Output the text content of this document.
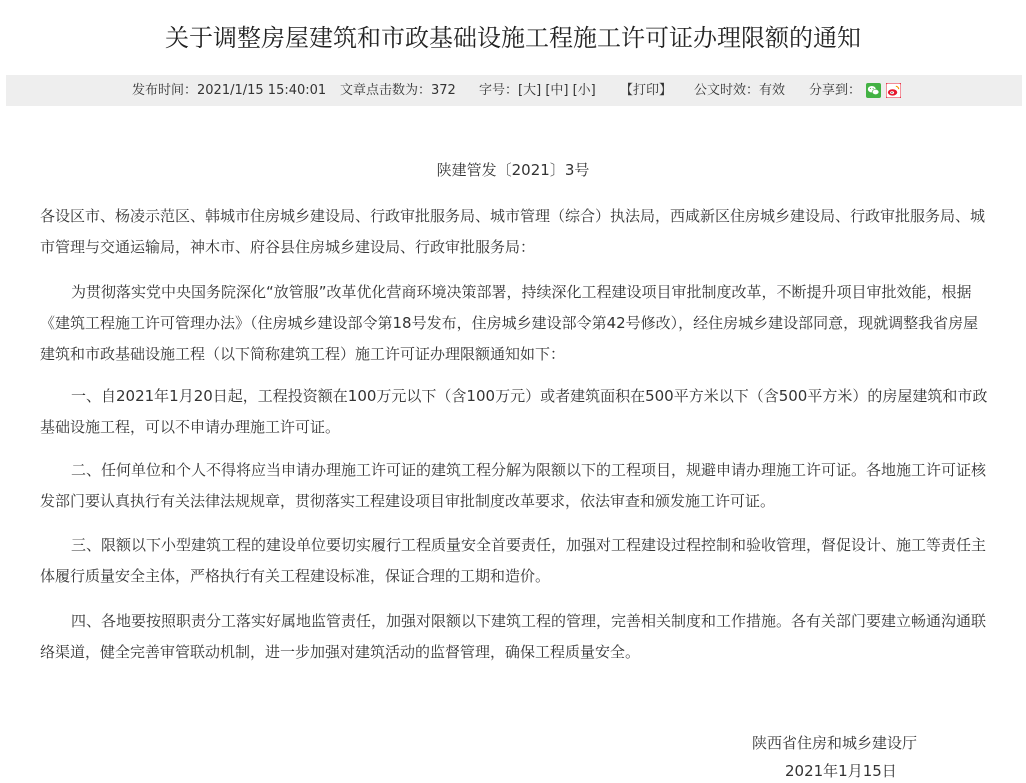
关于调整房屋建筑和市政基础设施工程施工许可证办理限额的通知
发布时间：2021/1/15 15:40:01 文章点击数为：372 字号：[大] [中] [小] 【打印】 公文时效：有效 分享到：
陕建管发〔2021〕3号

各设区市、杨凌示范区、韩城市住房城乡建设局、行政审批服务局、城市管理（综合）执法局，西咸新区住房城乡建设局、行政审批服务局、城市管理与交通运输局，神木市、府谷县住房城乡建设局、行政审批服务局：

为贯彻落实党中央国务院深化“放管服”改革优化营商环境决策部署，持续深化工程建设项目审批制度改革，不断提升项目审批效能，根据《建筑工程施工许可管理办法》（住房城乡建设部令第18号发布，住房城乡建设部令第42号修改），经住房城乡建设部同意，现就调整我省房屋建筑和市政基础设施工程（以下简称建筑工程）施工许可证办理限额通知如下：

一、自2021年1月20日起，工程投资额在100万元以下（含100万元）或者建筑面积在500平方米以下（含500平方米）的房屋建筑和市政基础设施工程，可以不申请办理施工许可证。

二、任何单位和个人不得将应当申请办理施工许可证的建筑工程分解为限额以下的工程项目，规避申请办理施工许可证。各地施工许可证核发部门要认真执行有关法律法规规章，贯彻落实工程建设项目审批制度改革要求，依法审查和颁发施工许可证。

三、限额以下小型建筑工程的建设单位要切实履行工程质量安全首要责任，加强对工程建设过程控制和验收管理，督促设计、施工等责任主体履行质量安全主体，严格执行有关工程建设标准，保证合理的工期和造价。

四、各地要按照职责分工落实好属地监管责任，加强对限额以下建筑工程的管理，完善相关制度和工作措施。各有关部门要建立畅通沟通联络渠道，健全完善审管联动机制，进一步加强对建筑活动的监督管理，确保工程质量安全。

陕西省住房和城乡建设厅
2021年1月15日
